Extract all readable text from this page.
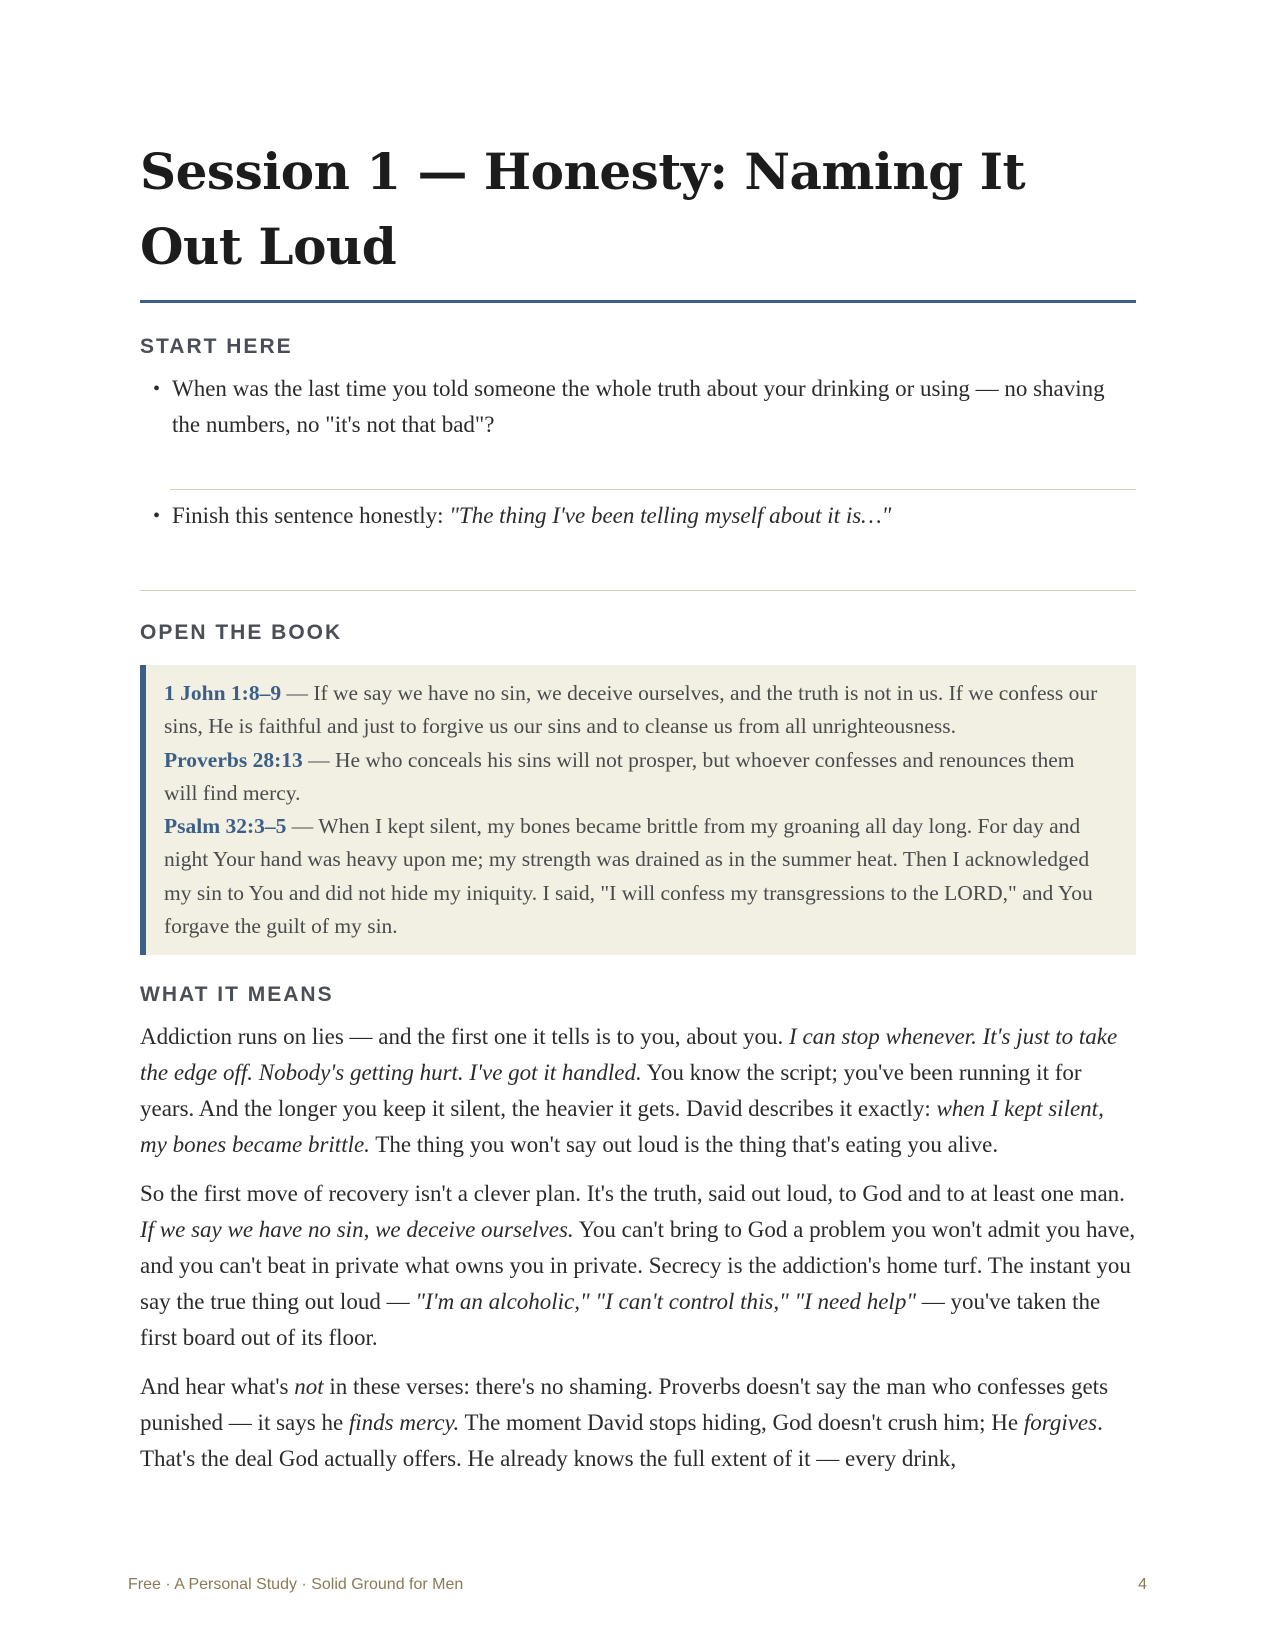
Session 1 — Honesty: Naming It Out Loud
START HERE
• When was the last time you told someone the whole truth about your drinking or using — no shaving the numbers, no "it's not that bad"?
• Finish this sentence honestly: "The thing I've been telling myself about it is…"
OPEN THE BOOK
1 John 1:8–9 — If we say we have no sin, we deceive ourselves, and the truth is not in us. If we confess our sins, He is faithful and just to forgive us our sins and to cleanse us from all unrighteousness.
Proverbs 28:13 — He who conceals his sins will not prosper, but whoever confesses and renounces them will find mercy.
Psalm 32:3–5 — When I kept silent, my bones became brittle from my groaning all day long. For day and night Your hand was heavy upon me; my strength was drained as in the summer heat. Then I acknowledged my sin to You and did not hide my iniquity. I said, "I will confess my transgressions to the LORD," and You forgave the guilt of my sin.
WHAT IT MEANS

Addiction runs on lies — and the first one it tells is to you, about you. I can stop whenever. It's just to take the edge off. Nobody's getting hurt. I've got it handled. You know the script; you've been running it for years. And the longer you keep it silent, the heavier it gets. David describes it exactly: when I kept silent, my bones became brittle. The thing you won't say out loud is the thing that's eating you alive.

So the first move of recovery isn't a clever plan. It's the truth, said out loud, to God and to at least one man. If we say we have no sin, we deceive ourselves. You can't bring to God a problem you won't admit you have, and you can't beat in private what owns you in private. Secrecy is the addiction's home turf. The instant you say the true thing out loud — "I'm an alcoholic," "I can't control this," "I need help" — you've taken the first board out of its floor.

And hear what's not in these verses: there's no shaming. Proverbs doesn't say the man who confesses gets punished — it says he finds mercy. The moment David stops hiding, God doesn't crush him; He forgives. That's the deal God actually offers. He already knows the full extent of it — every drink,

Free · A Personal Study · Solid Ground for Men	4
